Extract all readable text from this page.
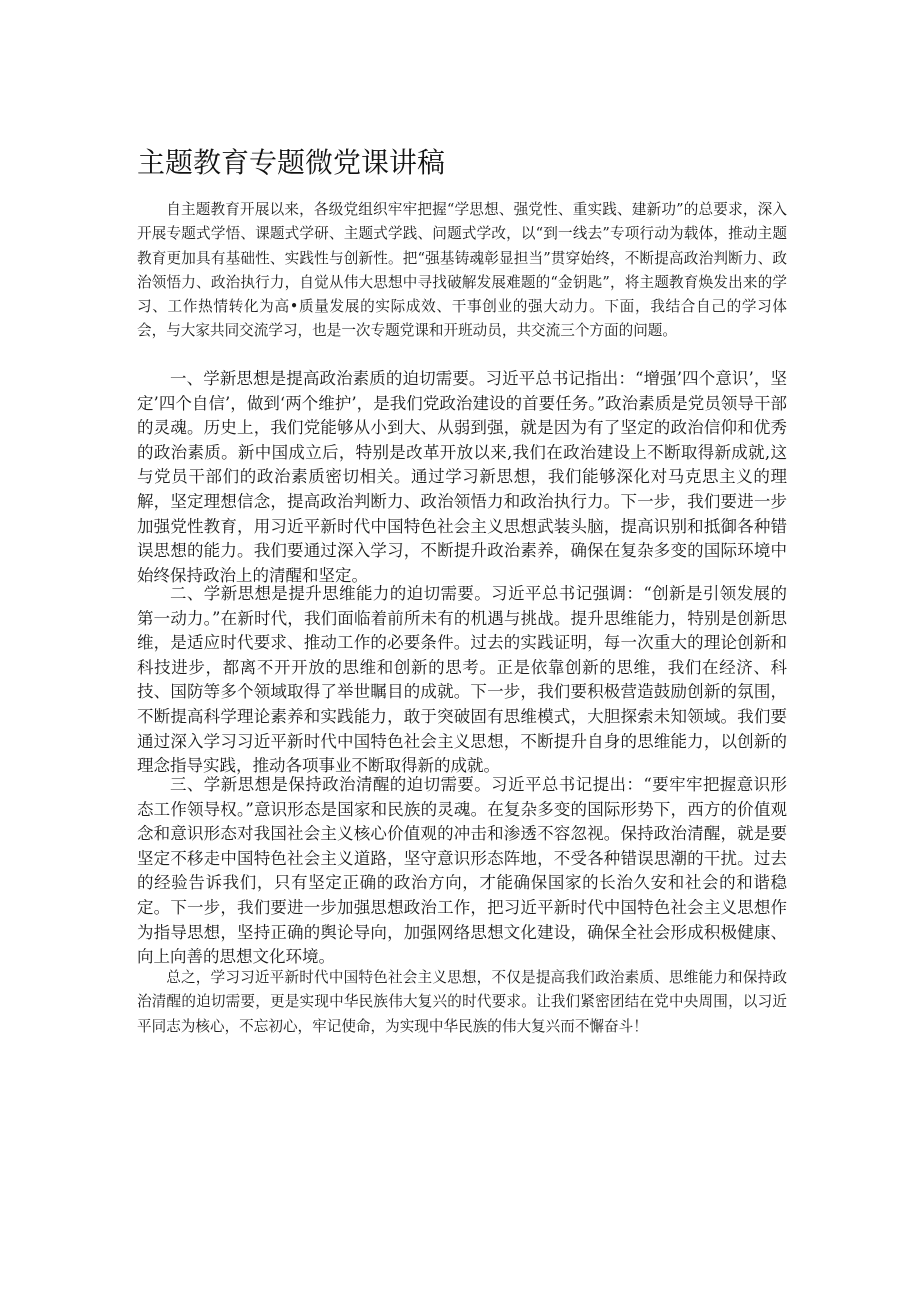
主题教育专题微党课讲稿

自主题教育开展以来，各级党组织牢牢把握“学思想、强党性、重实践、建新功”的总要求，深入开展专题式学悟、课题式学研、主题式学践、问题式学改，以“到一线去”专项行动为载体，推动主题教育更加具有基础性、实践性与创新性。把“强基铸魂彰显担当”贯穿始终，不断提高政治判断力、政治领悟力、政治执行力，自觉从伟大思想中寻找破解发展难题的“金钥匙”，将主题教育焕发出来的学习、工作热情转化为高•质量发展的实际成效、干事创业的强大动力。下面，我结合自己的学习体会，与大家共同交流学习，也是一次专题党课和开班动员，共交流三个方面的问题。

一、学新思想是提高政治素质的迫切需要。习近平总书记指出：“增强’四个意识’，坚定’四个自信’，做到‘两个维护’，是我们党政治建设的首要任务。”政治素质是党员领导干部的灵魂。历史上，我们党能够从小到大、从弱到强，就是因为有了坚定的政治信仰和优秀的政治素质。新中国成立后，特别是改革开放以来,我们在政治建设上不断取得新成就,这与党员干部们的政治素质密切相关。通过学习新思想，我们能够深化对马克思主义的理解，坚定理想信念，提高政治判断力、政治领悟力和政治执行力。下一步，我们要进一步加强党性教育，用习近平新时代中国特色社会主义思想武装头脑，提高识别和抵御各种错误思想的能力。我们要通过深入学习，不断提升政治素养，确保在复杂多变的国际环境中始终保持政治上的清醒和坚定。

二、学新思想是提升思维能力的迫切需要。习近平总书记强调：“创新是引领发展的第一动力。”在新时代，我们面临着前所未有的机遇与挑战。提升思维能力，特别是创新思维，是适应时代要求、推动工作的必要条件。过去的实践证明，每一次重大的理论创新和科技进步，都离不开开放的思维和创新的思考。正是依靠创新的思维，我们在经济、科技、国防等多个领域取得了举世瞩目的成就。下一步，我们要积极营造鼓励创新的氛围，不断提高科学理论素养和实践能力，敢于突破固有思维模式，大胆探索未知领域。我们要通过深入学习习近平新时代中国特色社会主义思想，不断提升自身的思维能力，以创新的理念指导实践，推动各项事业不断取得新的成就。

三、学新思想是保持政治清醒的迫切需要。习近平总书记提出：“要牢牢把握意识形态工作领导权。”意识形态是国家和民族的灵魂。在复杂多变的国际形势下，西方的价值观念和意识形态对我国社会主义核心价值观的冲击和渗透不容忽视。保持政治清醒，就是要坚定不移走中国特色社会主义道路，坚守意识形态阵地，不受各种错误思潮的干扰。过去的经验告诉我们，只有坚定正确的政治方向，才能确保国家的长治久安和社会的和谐稳定。下一步，我们要进一步加强思想政治工作，把习近平新时代中国特色社会主义思想作为指导思想，坚持正确的舆论导向，加强网络思想文化建设，确保全社会形成积极健康、向上向善的思想文化环境。

总之，学习习近平新时代中国特色社会主义思想，不仅是提高我们政治素质、思维能力和保持政治清醒的迫切需要，更是实现中华民族伟大复兴的时代要求。让我们紧密团结在党中央周围，以习近平同志为核心，不忘初心，牢记使命，为实现中华民族的伟大复兴而不懈奋斗！
